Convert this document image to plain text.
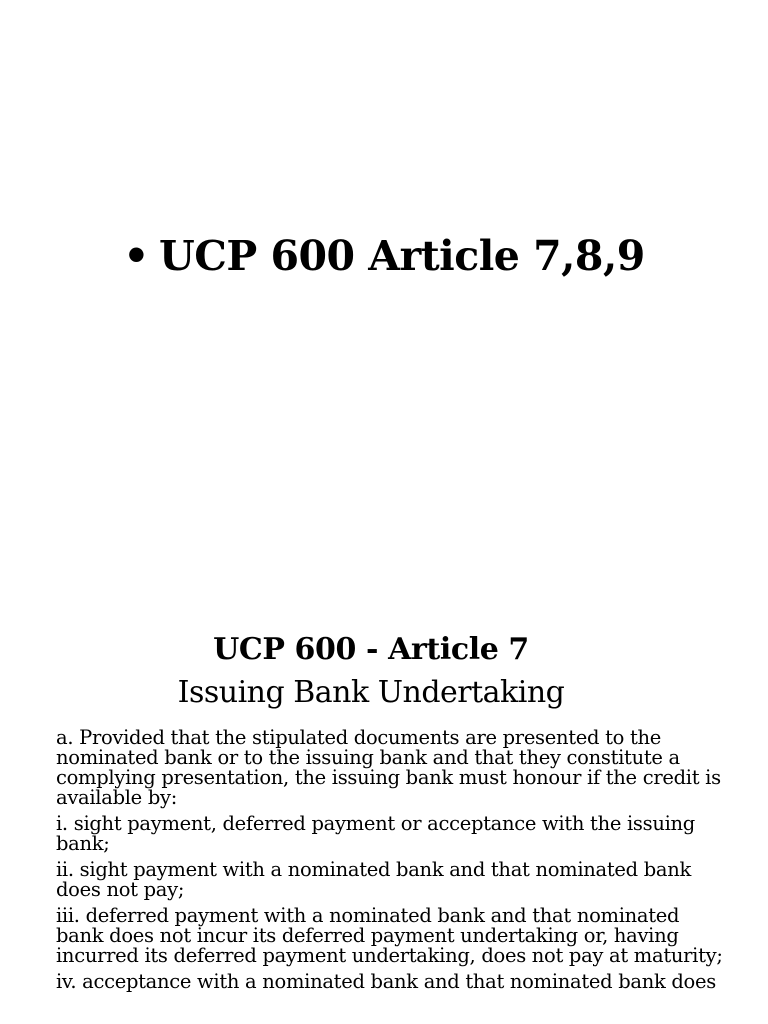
• UCP 600 Article 7,8,9
UCP 600 - Article 7
Issuing Bank Undertaking

a. Provided that the stipulated documents are presented to the nominated bank or to the issuing bank and that they constitute a complying presentation, the issuing bank must honour if the credit is available by:

i. sight payment, deferred payment or acceptance with the issuing bank;

ii. sight payment with a nominated bank and that nominated bank does not pay;

iii. deferred payment with a nominated bank and that nominated bank does not incur its deferred payment undertaking or, having incurred its deferred payment undertaking, does not pay at maturity;

iv. acceptance with a nominated bank and that nominated bank does
